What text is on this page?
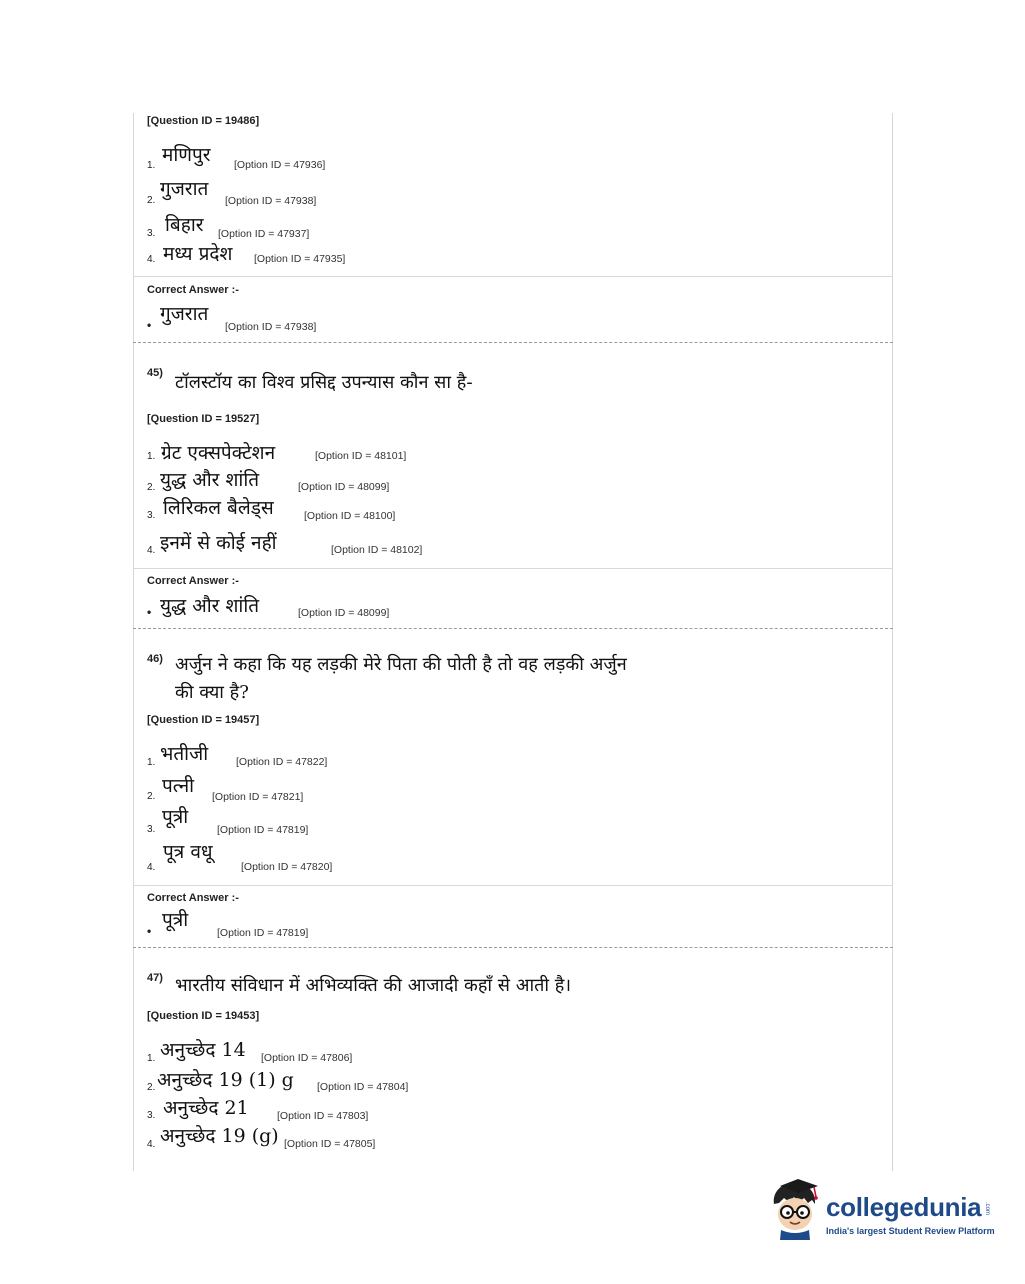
[Question ID = 19486]
1. मणिपुर [Option ID = 47936]
2.
गुजरात
[Option ID = 47938]
3. बिहार [Option ID = 47937]
4. मध्य प्रदेश [Option ID = 47935]
Correct Answer :-
• गुजरात
[Option ID = 47938]
45) टॉलस्टॉय का विश्व प्रसिद्द उपन्यास कौन सा है-
[Question ID = 19527]
1. ग्रेट एक्सपेक्टेशन	[Option ID = 48101]
2. युद्ध और शांति	[Option ID = 48099]
3. लिरिकल बैलेड्स	[Option ID = 48100]
4. इनमें से कोई नहीं	[Option ID = 48102]
Correct Answer :-
• युद्ध और शांति	[Option ID = 48099]
46) अर्जुन ने कहा कि यह लड़की मेरे पिता की पोती है तो वह लड़की अर्जुन
की क्या है?
[Question ID = 19457]
1. भतीजी	[Option ID = 47822]
2. पत्नी [Option ID = 47821]
3.
पूत्री
[Option ID = 47819]
4.
पूत्र वधू
[Option ID = 47820]
Correct Answer :-
• पूत्री
[Option ID = 47819]
47) भारतीय संविधान में अभिव्यक्ति की आजादी कहाँ से आती है।
[Question ID = 19453]
1. अनुच्छेद 14 [Option ID = 47806]
2. अनुच्छेद 19 (1) g [Option ID = 47804]
3. अनुच्छेद 21	[Option ID = 47803]
4. अनुच्छेद 19 (g) [Option ID = 47805]
collegedunia .com
India's largest Student Review Platform
